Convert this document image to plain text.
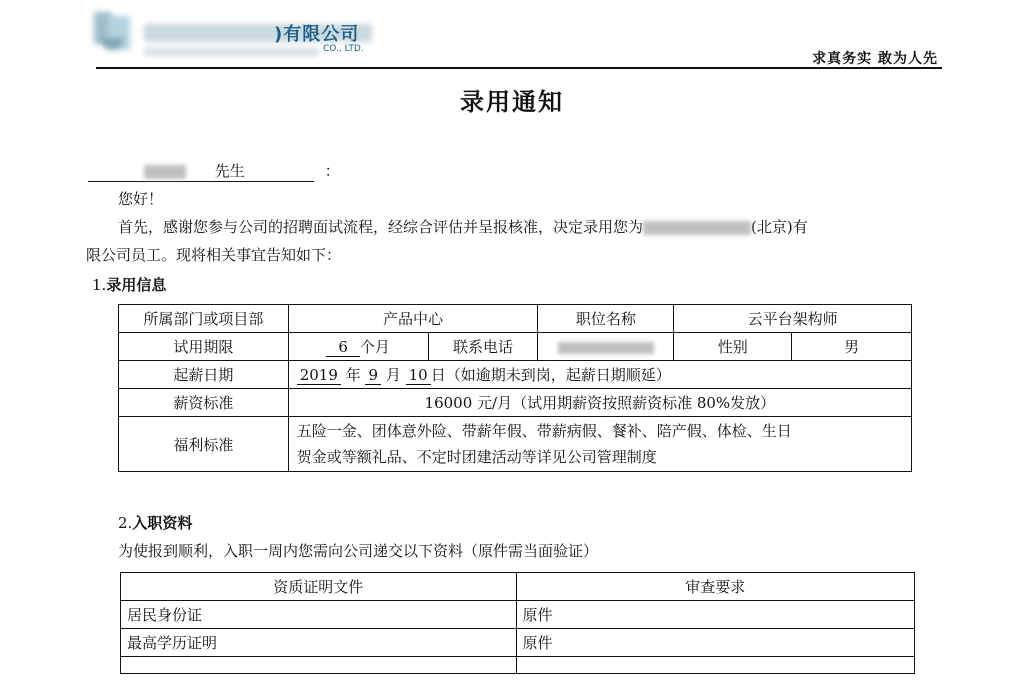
)有限公司
CO., LTD.
求真务实 敢为人先
录用通知
先生	：
您好！
首先，感谢您参与公司的招聘面试流程，经综合评估并呈报核准，决定录用您为	(北京)有
限公司员工。现将相关事宜告知如下：
1.录用信息
所属部门或项目部	产品中心		职位名称	云平台架构师	
试用期限	6 个月	联系电话		性别	男
起薪日期	2019 年 9 月 10 日（如逾期未到岗，起薪日期顺延）				
薪资标准	16000 元/月（试用期薪资按照薪资标准 80%发放）				
福利标准	五险一金、团体意外险、带薪年假、带薪病假、餐补、陪产假、体检、生日
贺金或等额礼品、不定时团建活动等详见公司管理制度				
2.入职资料
为使报到顺利，入职一周内您需向公司递交以下资料（原件需当面验证）
资质证明文件	审查要求
居民身份证	原件
最高学历证明	原件
